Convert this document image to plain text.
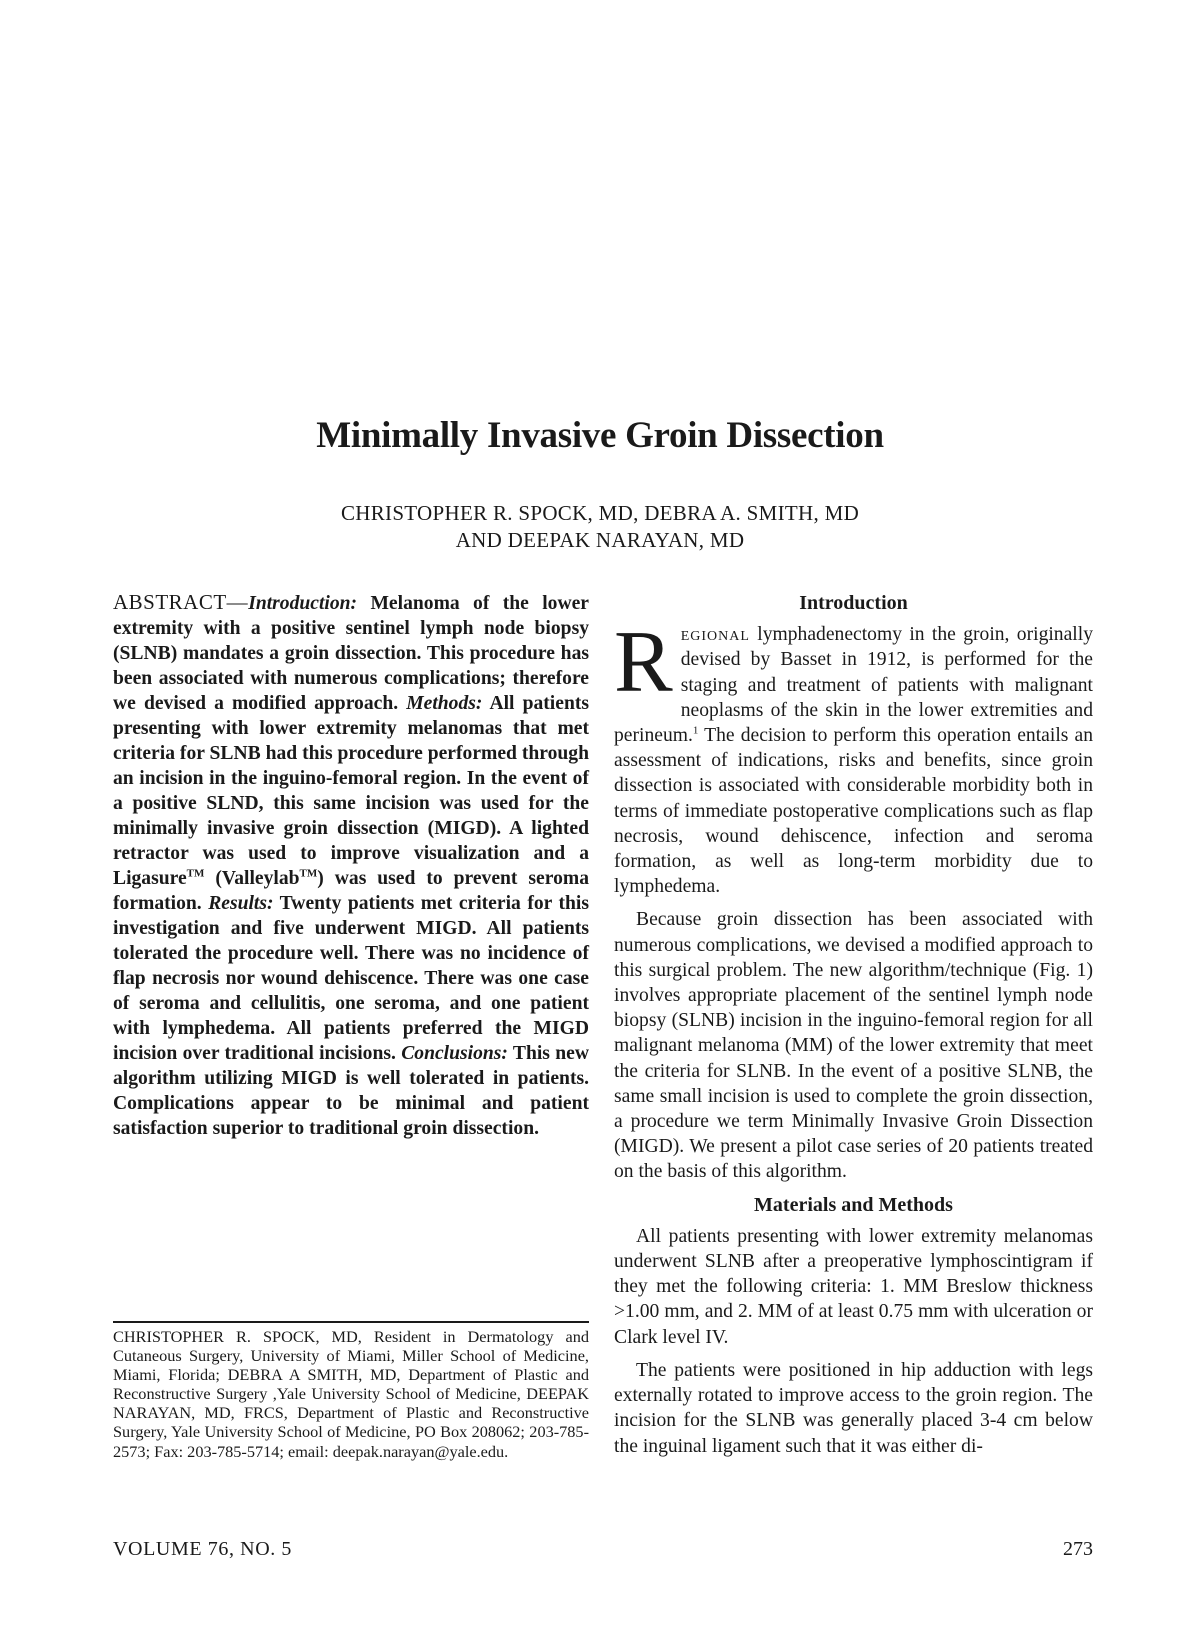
Minimally Invasive Groin Dissection
CHRISTOPHER R. SPOCK, MD, DEBRA A. SMITH, MD
AND DEEPAK NARAYAN, MD

ABSTRACT—Introduction: Melanoma of the lower extremity with a positive sentinel lymph node biopsy (SLNB) mandates a groin dissection. This procedure has been associated with numerous complications; therefore we devised a modified approach. Methods: All patients presenting with lower extremity melanomas that met criteria for SLNB had this procedure performed through an incision in the inguino-femoral region. In the event of a positive SLND, this same incision was used for the minimally invasive groin dissection (MIGD). A lighted retractor was used to improve visualization and a Ligasure™ (Valleylab™) was used to prevent seroma formation. Results: Twenty patients met criteria for this investigation and five underwent MIGD. All patients tolerated the procedure well. There was no incidence of flap necrosis nor wound dehiscence. There was one case of seroma and cellulitis, one seroma, and one patient with lymphedema. All patients preferred the MIGD incision over traditional incisions. Conclusions: This new algorithm utilizing MIGD is well tolerated in patients. Complications appear to be minimal and patient satisfaction superior to traditional groin dissection.

CHRISTOPHER R. SPOCK, MD, Resident in Dermatology and Cutaneous Surgery, University of Miami, Miller School of Medicine, Miami, Florida; DEBRA A SMITH, MD, Department of Plastic and Reconstructive Surgery ,Yale University School of Medicine, DEEPAK NARAYAN, MD, FRCS, Department of Plastic and Reconstructive Surgery, Yale University School of Medicine, PO Box 208062; 203-785-2573; Fax: 203-785-5714; email: deepak.narayan@yale.edu.

Introduction

Regional lymphadenectomy in the groin, originally devised by Basset in 1912, is performed for the staging and treatment of patients with malignant neoplasms of the skin in the lower extremities and perineum.$^1$ The decision to perform this operation entails an assessment of indications, risks and benefits, since groin dissection is associated with considerable morbidity both in terms of immediate postoperative complications such as flap necrosis, wound dehiscence, infection and seroma formation, as well as long-term morbidity due to lymphedema.

Because groin dissection has been associated with numerous complications, we devised a modified approach to this surgical problem. The new algorithm/technique (Fig. 1) involves appropriate placement of the sentinel lymph node biopsy (SLNB) incision in the inguino-femoral region for all malignant melanoma (MM) of the lower extremity that meet the criteria for SLNB. In the event of a positive SLNB, the same small incision is used to complete the groin dissection, a procedure we term Minimally Invasive Groin Dissection (MIGD). We present a pilot case series of 20 patients treated on the basis of this algorithm.

Materials and Methods

All patients presenting with lower extremity melanomas underwent SLNB after a preoperative lymphoscintigram if they met the following criteria: 1. MM Breslow thickness >1.00 mm, and 2. MM of at least 0.75 mm with ulceration or Clark level IV.

The patients were positioned in hip adduction with legs externally rotated to improve access to the groin region. The incision for the SLNB was generally placed 3-4 cm below the inguinal ligament such that it was either di-

VOLUME 76, NO. 5	273
